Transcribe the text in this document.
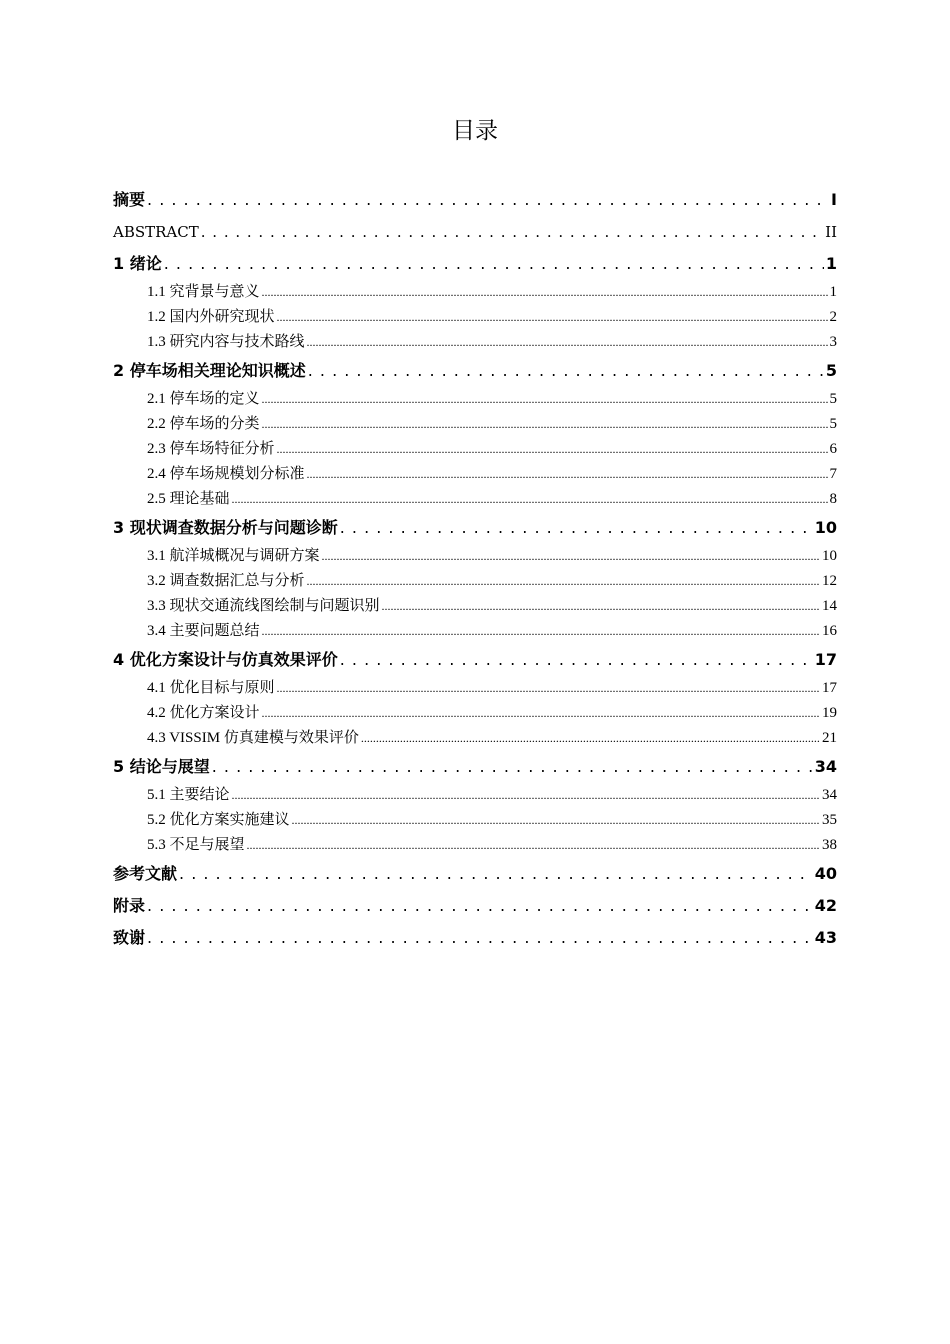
目录
摘要 . . .	I
ABSTRACT . . .	II
1 绪论 . . .	1
1.1 究背景与意义 .....	1
1.2 国内外研究现状 .....	2
1.3 研究内容与技术路线 .....	3
2 停车场相关理论知识概述 . . .	5
2.1 停车场的定义 .....	5
2.2 停车场的分类 .....	5
2.3 停车场特征分析 .....	6
2.4 停车场规模划分标准 .....	7
2.5 理论基础 .....	8
3 现状调查数据分析与问题诊断 . . .	10
3.1 航洋城概况与调研方案 .....	10
3.2 调查数据汇总与分析 .....	12
3.3 现状交通流线图绘制与问题识别 .....	14
3.4 主要问题总结 .....	16
4 优化方案设计与仿真效果评价 . . .	17
4.1 优化目标与原则 .....	17
4.2 优化方案设计 .....	19
4.3 VISSIM 仿真建模与效果评价 .....	21
5 结论与展望 . . .	34
5.1 主要结论 .....	34
5.2 优化方案实施建议 .....	35
5.3 不足与展望 .....	38
参考文献 . . .	40
附录 . . .	42
致谢 . . .	43
